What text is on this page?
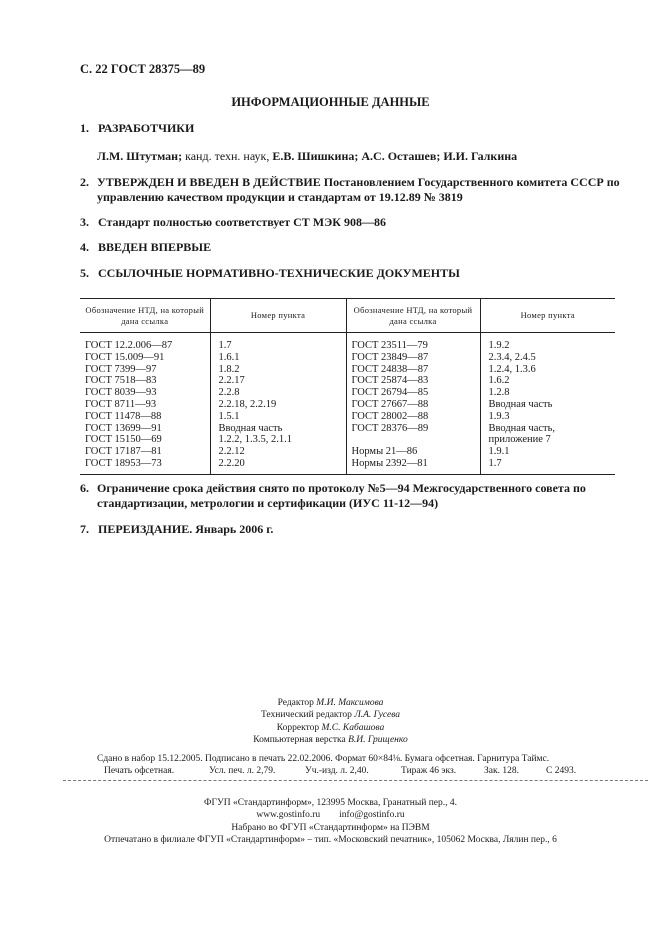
С. 22 ГОСТ 28375—89
ИНФОРМАЦИОННЫЕ ДАННЫЕ
1. РАЗРАБОТЧИКИ
Л.М. Штутман; канд. техн. наук, Е.В. Шишкина; А.С. Осташев; И.И. Галкина
2. УТВЕРЖДЕН И ВВЕДЕН В ДЕЙСТВИЕ Постановлением Государственного комитета СССР по управлению качеством продукции и стандартам от 19.12.89 № 3819
3. Стандарт полностью соответствует СТ МЭК 908—86
4. ВВЕДЕН ВПЕРВЫЕ
5. ССЫЛОЧНЫЕ НОРМАТИВНО-ТЕХНИЧЕСКИЕ ДОКУМЕНТЫ
Обозначение НТД, на который дана ссылка	Номер пункта	Обозначение НТД, на который дана ссылка	Номер пункта
ГОСТ 12.2.006—87	1.7	ГОСТ 23511—79	1.9.2
ГОСТ 15.009—91	1.6.1	ГОСТ 23849—87	2.3.4, 2.4.5
ГОСТ 7399—97	1.8.2	ГОСТ 24838—87	1.2.4, 1.3.6
ГОСТ 7518—83	2.2.17	ГОСТ 25874—83	1.6.2
ГОСТ 8039—93	2.2.8	ГОСТ 26794—85	1.2.8
ГОСТ 8711—93	2.2.18, 2.2.19	ГОСТ 27667—88	Вводная часть
ГОСТ 11478—88	1.5.1	ГОСТ 28002—88	1.9.3
ГОСТ 13699—91	Вводная часть	ГОСТ 28376—89	Вводная часть,
ГОСТ 15150—69	1.2.2, 1.3.5, 2.1.1		приложение 7
ГОСТ 17187—81	2.2.12	Нормы 21—86	1.9.1
ГОСТ 18953—73	2.2.20	Нормы 2392—81	1.7
6. Ограничение срока действия снято по протоколу №5—94 Межгосударственного совета по стандартизации, метрологии и сертификации (ИУС 11-12—94)
7. ПЕРЕИЗДАНИЕ. Январь 2006 г.
Редактор М.И. Максимова
Технический редактор Л.А. Гусева
Корректор М.С. Кабашова
Компьютерная верстка В.И. Грищенко
Сдано в набор 15.12.2005. Подписано в печать 22.02.2006. Формат 60×84⅛. Бумага офсетная. Гарнитура Таймс.
Печать офсетная.	Усл. печ. л. 2,79.	Уч.-изд. л. 2,40.	Тираж 46 экз.	Зак. 128.	С 2493.
ФГУП «Стандартинформ», 123995 Москва, Гранатный пер., 4.
www.gostinfo.ru        info@gostinfo.ru
Набрано во ФГУП «Стандартинформ» на ПЭВМ
Отпечатано в филиале ФГУП «Стандартинформ» – тип. «Московский печатник», 105062 Москва, Лялин пер., 6
